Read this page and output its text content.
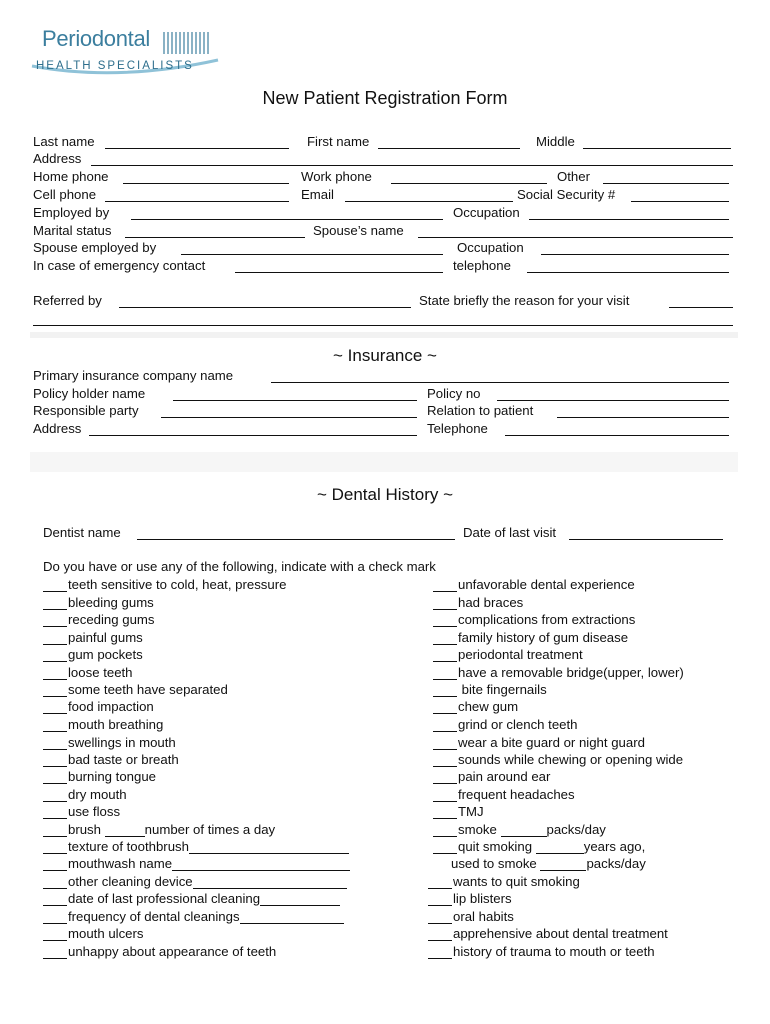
Periodontal
HEALTH SPECIALISTS
New Patient Registration Form
Last name	First name	Middle
Address
Home phone	Work phone	Other
Cell phone	Email	Social Security #
Employed by	Occupation
Marital status	Spouse’s name
Spouse employed by	Occupation
In case of emergency contact	telephone
Referred by	State briefly the reason for your visit
~ Insurance ~
Primary insurance company name
Policy holder name	Policy no
Responsible party	Relation to patient
Address	Telephone
~ Dental History ~
Dentist name	Date of last visit
Do you have or use any of the following, indicate with a check mark
teeth sensitive to cold, heat, pressure
bleeding gums
receding gums
painful gums
gum pockets
loose teeth
some teeth have separated
food impaction
mouth breathing
swellings in mouth
bad taste or breath
burning tongue
dry mouth
use floss
brush	number of times a day
texture of toothbrush
mouthwash name
other cleaning device
date of last professional cleaning
frequency of dental cleanings
mouth ulcers
unhappy about appearance of teeth
unfavorable dental experience
had braces
complications from extractions
family history of gum disease
periodontal treatment
have a removable bridge(upper, lower)
bite fingernails
chew gum
grind or clench teeth
wear a bite guard or night guard
sounds while chewing or opening wide
pain around ear
frequent headaches
TMJ
smoke	packs/day
quit smoking	years ago,
used to smoke	packs/day
wants to quit smoking
lip blisters
oral habits
apprehensive about dental treatment
history of trauma to mouth or teeth
